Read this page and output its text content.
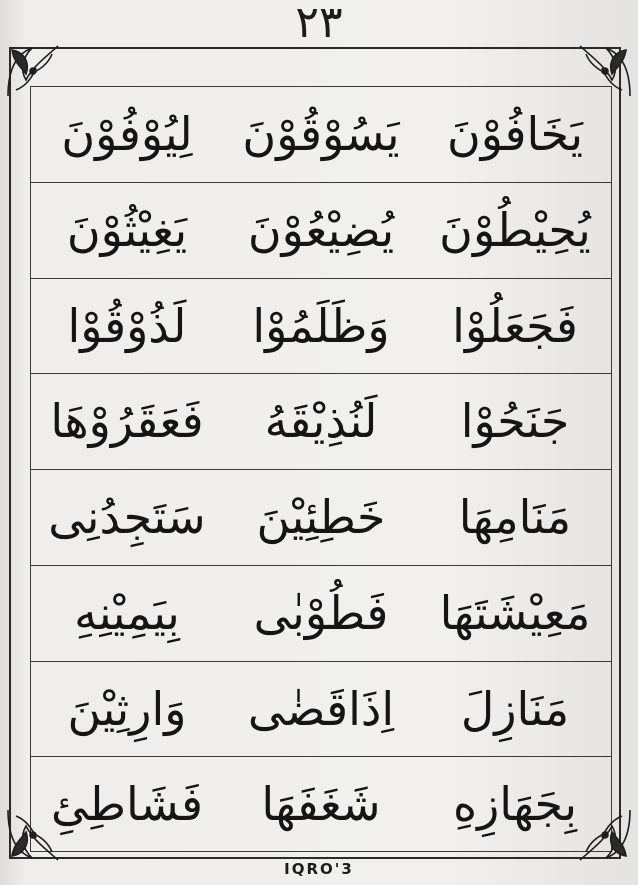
٢٣
يَخَافُوْنَ
يَسُوْقُوْنَ
لِيُوْفُوْنَ
يُحِيْطُوْنَ
يُضِيْعُوْنَ
يَغِيْثُوْنَ
فَجَعَلُوْا
وَظَلَمُوْا
لَذُوْقُوْا
جَنَحُوْا
لَنُذِيْقَهُ
فَعَقَرُوْهَا
مَنَامِهَا
خَطِئِيْنَ
سَتَجِدُنِى
مَعِيْشَتَهَا
فَطُوْبٰى
بِيَمِيْنِهِ
مَنَازِلَ
اِذَاقَضٰى
وَارِثِيْنَ
بِجَهَازِهِ
شَغَفَهَا
فَشَاطِئِ
IQRO'3
